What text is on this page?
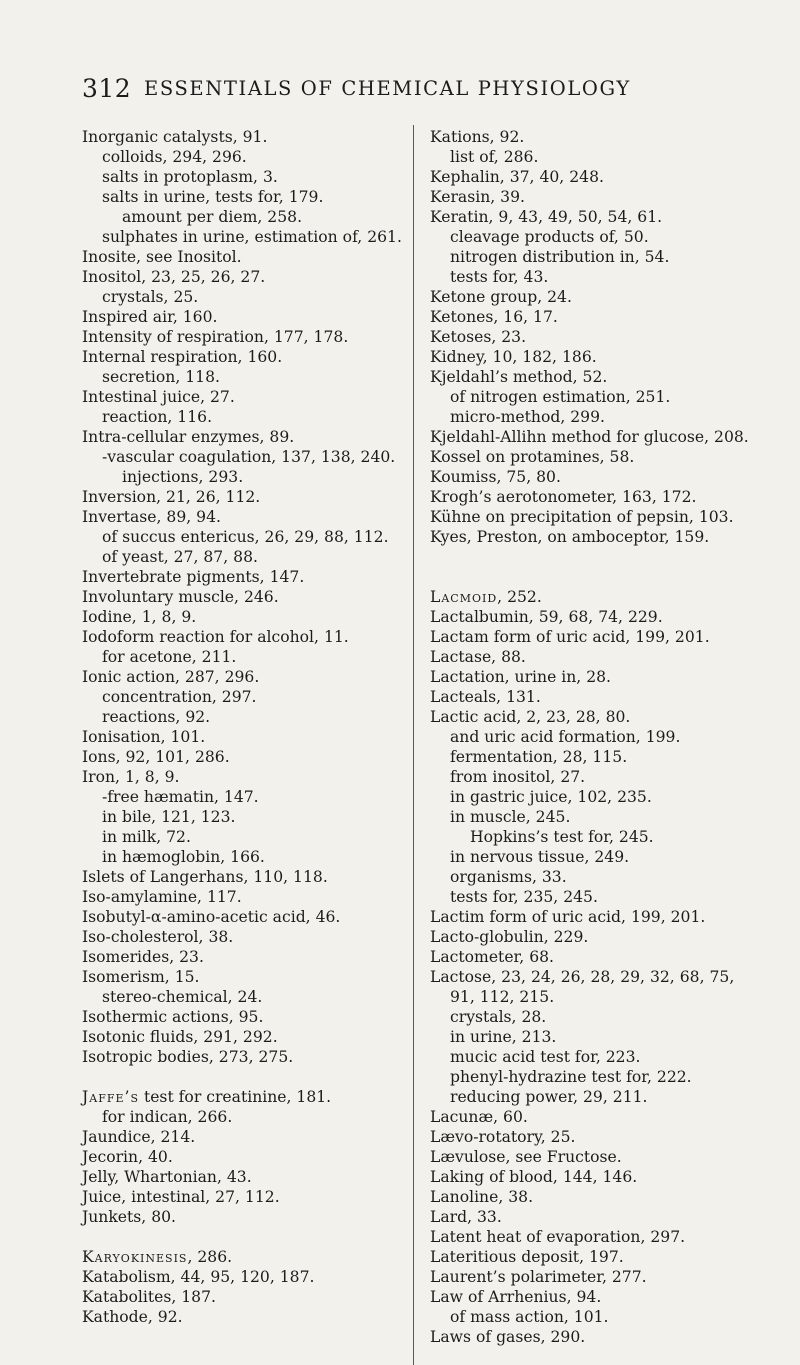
312 ESSENTIALS OF CHEMICAL PHYSIOLOGY
Inorganic catalysts, 91.
colloids, 294, 296.
salts in protoplasm, 3.
salts in urine, tests for, 179.
amount per diem, 258.
sulphates in urine, estimation of, 261.
Inosite, see Inositol.
Inositol, 23, 25, 26, 27.
crystals, 25.
Inspired air, 160.
Intensity of respiration, 177, 178.
Internal respiration, 160.
secretion, 118.
Intestinal juice, 27.
reaction, 116.
Intra-cellular enzymes, 89.
-vascular coagulation, 137, 138, 240.
injections, 293.
Inversion, 21, 26, 112.
Invertase, 89, 94.
of succus entericus, 26, 29, 88, 112.
of yeast, 27, 87, 88.
Invertebrate pigments, 147.
Involuntary muscle, 246.
Iodine, 1, 8, 9.
Iodoform reaction for alcohol, 11.
for acetone, 211.
Ionic action, 287, 296.
concentration, 297.
reactions, 92.
Ionisation, 101.
Ions, 92, 101, 286.
Iron, 1, 8, 9.
-free hæmatin, 147.
in bile, 121, 123.
in milk, 72.
in hæmoglobin, 166.
Islets of Langerhans, 110, 118.
Iso-amylamine, 117.
Isobutyl-α-amino-acetic acid, 46.
Iso-cholesterol, 38.
Isomerides, 23.
Isomerism, 15.
stereo-chemical, 24.
Isothermic actions, 95.
Isotonic fluids, 291, 292.
Isotropic bodies, 273, 275.
Jaffe’s test for creatinine, 181.
for indican, 266.
Jaundice, 214.
Jecorin, 40.
Jelly, Whartonian, 43.
Juice, intestinal, 27, 112.
Junkets, 80.
Karyokinesis, 286.
Katabolism, 44, 95, 120, 187.
Katabolites, 187.
Kathode, 92.
Kations, 92.
list of, 286.
Kephalin, 37, 40, 248.
Kerasin, 39.
Keratin, 9, 43, 49, 50, 54, 61.
cleavage products of, 50.
nitrogen distribution in, 54.
tests for, 43.
Ketone group, 24.
Ketones, 16, 17.
Ketoses, 23.
Kidney, 10, 182, 186.
Kjeldahl’s method, 52.
of nitrogen estimation, 251.
micro-method, 299.
Kjeldahl-Allihn method for glucose, 208.
Kossel on protamines, 58.
Koumiss, 75, 80.
Krogh’s aerotonometer, 163, 172.
Kühne on precipitation of pepsin, 103.
Kyes, Preston, on amboceptor, 159.
Lacmoid, 252.
Lactalbumin, 59, 68, 74, 229.
Lactam form of uric acid, 199, 201.
Lactase, 88.
Lactation, urine in, 28.
Lacteals, 131.
Lactic acid, 2, 23, 28, 80.
and uric acid formation, 199.
fermentation, 28, 115.
from inositol, 27.
in gastric juice, 102, 235.
in muscle, 245.
Hopkins’s test for, 245.
in nervous tissue, 249.
organisms, 33.
tests for, 235, 245.
Lactim form of uric acid, 199, 201.
Lacto-globulin, 229.
Lactometer, 68.
Lactose, 23, 24, 26, 28, 29, 32, 68, 75,
91, 112, 215.
crystals, 28.
in urine, 213.
mucic acid test for, 223.
phenyl-hydrazine test for, 222.
reducing power, 29, 211.
Lacunæ, 60.
Lævo-rotatory, 25.
Lævulose, see Fructose.
Laking of blood, 144, 146.
Lanoline, 38.
Lard, 33.
Latent heat of evaporation, 297.
Lateritious deposit, 197.
Laurent’s polarimeter, 277.
Law of Arrhenius, 94.
of mass action, 101.
Laws of gases, 290.
